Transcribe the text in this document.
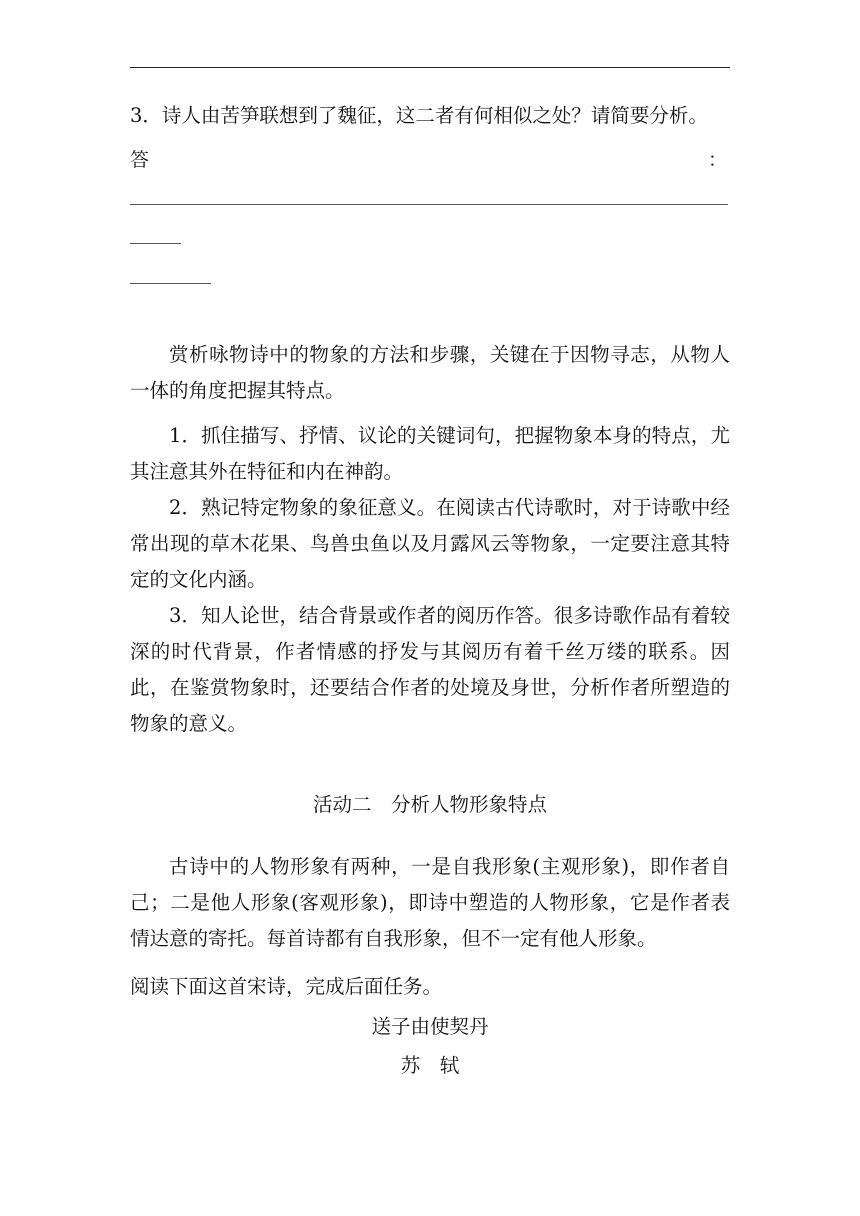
3．诗人由苦笋联想到了魏征，这二者有何相似之处？请简要分析。
答	：
赏析咏物诗中的物象的方法和步骤，关键在于因物寻志，从物人一体的角度把握其特点。
1．抓住描写、抒情、议论的关键词句，把握物象本身的特点，尤其注意其外在特征和内在神韵。
2．熟记特定物象的象征意义。在阅读古代诗歌时，对于诗歌中经常出现的草木花果、鸟兽虫鱼以及月露风云等物象，一定要注意其特定的文化内涵。
3．知人论世，结合背景或作者的阅历作答。很多诗歌作品有着较深的时代背景，作者情感的抒发与其阅历有着千丝万缕的联系。因此，在鉴赏物象时，还要结合作者的处境及身世，分析作者所塑造的物象的意义。
活动二　分析人物形象特点
古诗中的人物形象有两种，一是自我形象(主观形象)，即作者自己；二是他人形象(客观形象)，即诗中塑造的人物形象，它是作者表情达意的寄托。每首诗都有自我形象，但不一定有他人形象。
阅读下面这首宋诗，完成后面任务。
送子由使契丹
苏　轼
